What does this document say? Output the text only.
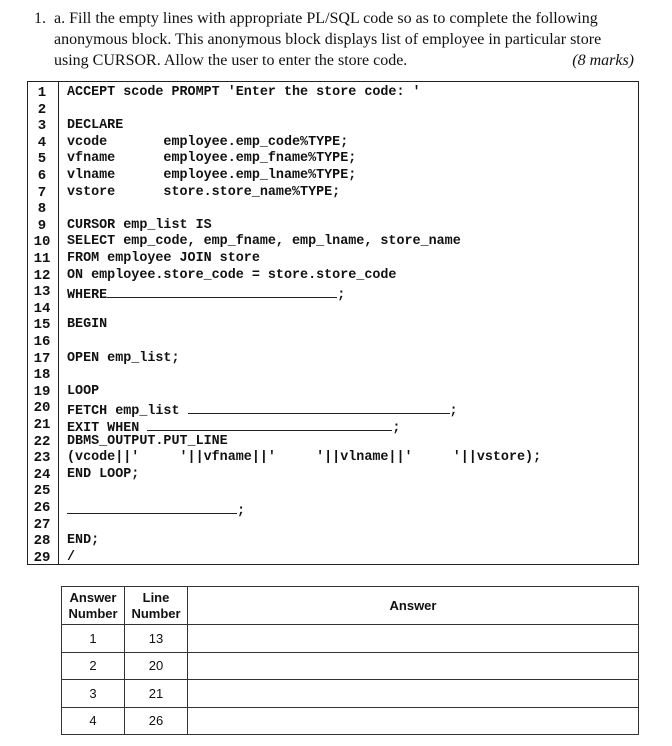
1. a. Fill the empty lines with appropriate PL/SQL code so as to complete the following
anonymous block. This anonymous block displays list of employee in particular store
using CURSOR. Allow the user to enter the store code.	(8 marks)
1	ACCEPT scode PROMPT 'Enter the store code: '
2
3	DECLARE
4	vcode       employee.emp_code%TYPE;
5	vfname      employee.emp_fname%TYPE;
6	vlname      employee.emp_lname%TYPE;
7	vstore      store.store_name%TYPE;
8
9	CURSOR emp_list IS
10 SELECT emp_code, emp_fname, emp_lname, store_name
11 FROM employee JOIN store
12 ON employee.store_code = store.store_code
13 WHERE	;
14
15 BEGIN
16
17 OPEN emp_list;
18
19 LOOP
20 FETCH emp_list	;
21 EXIT WHEN	;
22 DBMS_OUTPUT.PUT_LINE
23 (vcode||'     '||vfname||'     '||vlname||'     '||vstore);
24 END LOOP;
25
26	;
27
28 END;
29 /
Answer Number	Line Number	Answer
1	13	
2	20	
3	21	
4	26	
